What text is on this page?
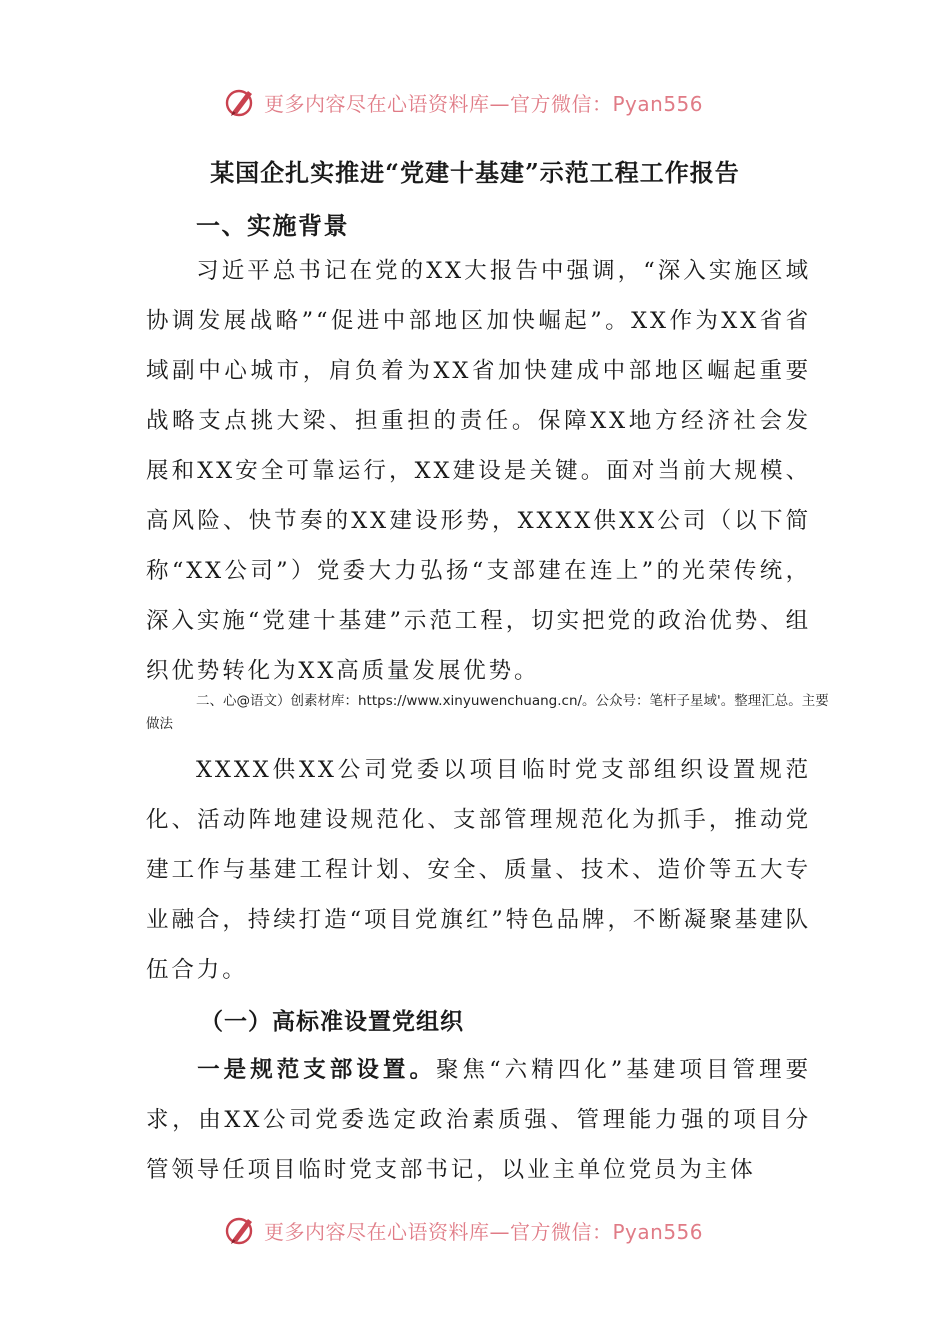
更多内容尽在心语资料库—官方微信：Pyan556
某国企扎实推进“党建十基建”示范工程工作报告
一、实施背景

习近平总书记在党的XX大报告中强调，“深入实施区域协调发展战略”“促进中部地区加快崛起”。XX作为XX省省域副中心城市，肩负着为XX省加快建成中部地区崛起重要战略支点挑大梁、担重担的责任。保障XX地方经济社会发展和XX安全可靠运行，XX建设是关键。面对当前大规模、高风险、快节奏的XX建设形势，XXXX供XX公司（以下简称“XX公司”）党委大力弘扬“支部建在连上”的光荣传统，深入实施“党建十基建”示范工程，切实把党的政治优势、组织优势转化为XX高质量发展优势。

二、心@语文）创素材库：https://www.xinyuwenchuang.cn/。公众号：笔杆子星域'。整理汇总。主要做法

XXXX供XX公司党委以项目临时党支部组织设置规范化、活动阵地建设规范化、支部管理规范化为抓手，推动党建工作与基建工程计划、安全、质量、技术、造价等五大专业融合，持续打造“项目党旗红”特色品牌，不断凝聚基建队伍合力。

（一）高标准设置党组织

一是规范支部设置。聚焦“六精四化”基建项目管理要求，由XX公司党委选定政治素质强、管理能力强的项目分管领导任项目临时党支部书记，以业主单位党员为主体

更多内容尽在心语资料库—官方微信：Pyan556
